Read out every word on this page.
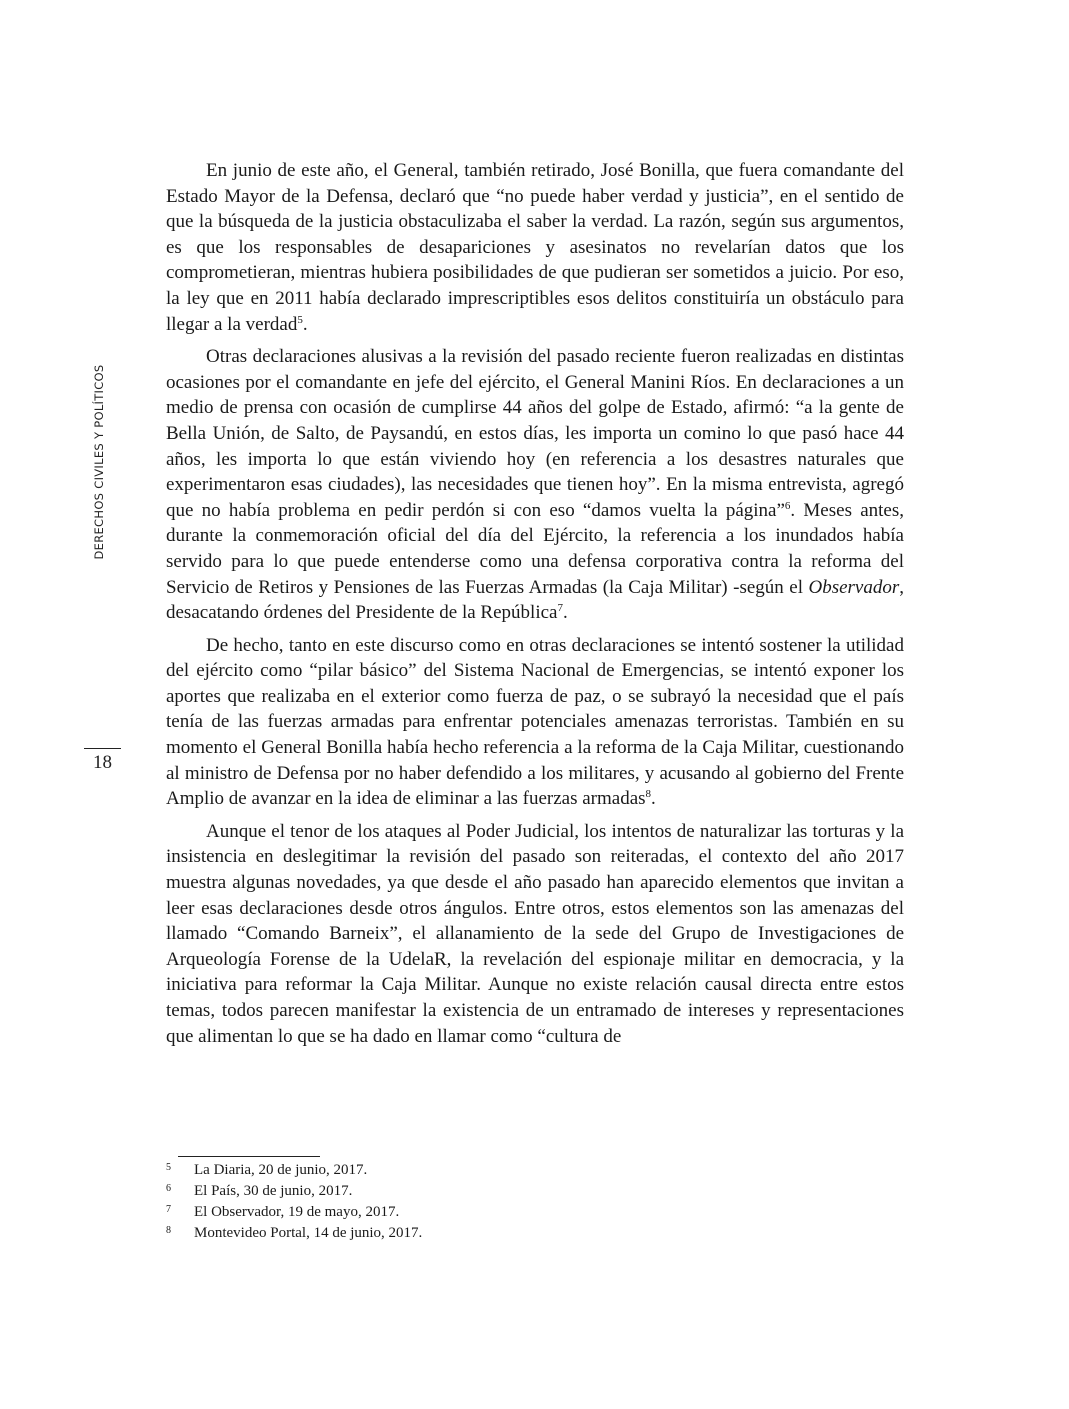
DERECHOS CIVILES Y POLÍTICOS
18

En junio de este año, el General, también retirado, José Bonilla, que fuera comandante del Estado Mayor de la Defensa, declaró que “no puede haber verdad y justicia”, en el sentido de que la búsqueda de la justicia obstaculizaba el saber la verdad. La razón, según sus argumentos, es que los responsables de desapariciones y asesinatos no revelarían datos que los comprometieran, mientras hubiera posibilidades de que pudieran ser sometidos a juicio. Por eso, la ley que en 2011 había declarado imprescriptibles esos delitos constituiría un obstáculo para llegar a la verdad$^5$.

Otras declaraciones alusivas a la revisión del pasado reciente fueron realizadas en distintas ocasiones por el comandante en jefe del ejército, el General Manini Ríos. En declaraciones a un medio de prensa con ocasión de cumplirse 44 años del golpe de Estado, afirmó: “a la gente de Bella Unión, de Salto, de Paysandú, en estos días, les importa un comino lo que pasó hace 44 años, les importa lo que están viviendo hoy (en referencia a los desastres naturales que experimentaron esas ciudades), las necesidades que tienen hoy”. En la misma entrevista, agregó que no había problema en pedir perdón si con eso “damos vuelta la página”$^6$. Meses antes, durante la conmemoración oficial del día del Ejército, la referencia a los inundados había servido para lo que puede entenderse como una defensa corporativa contra la reforma del Servicio de Retiros y Pensiones de las Fuerzas Armadas (la Caja Militar) -según el Observador, desacatando órdenes del Presidente de la República$^7$.

De hecho, tanto en este discurso como en otras declaraciones se intentó sostener la utilidad del ejército como “pilar básico” del Sistema Nacional de Emergencias, se intentó exponer los aportes que realizaba en el exterior como fuerza de paz, o se subrayó la necesidad que el país tenía de las fuerzas armadas para enfrentar potenciales amenazas terroristas. También en su momento el General Bonilla había hecho referencia a la reforma de la Caja Militar, cuestionando al ministro de Defensa por no haber defendido a los militares, y acusando al gobierno del Frente Amplio de avanzar en la idea de eliminar a las fuerzas armadas$^8$.

Aunque el tenor de los ataques al Poder Judicial, los intentos de naturalizar las torturas y la insistencia en deslegitimar la revisión del pasado son reiteradas, el contexto del año 2017 muestra algunas novedades, ya que desde el año pasado han aparecido elementos que invitan a leer esas declaraciones desde otros ángulos. Entre otros, estos elementos son las amenazas del llamado “Comando Barneix”, el allanamiento de la sede del Grupo de Investigaciones de Arqueología Forense de la UdelaR, la revelación del espionaje militar en democracia, y la iniciativa para reformar la Caja Militar. Aunque no existe relación causal directa entre estos temas, todos parecen manifestar la existencia de un entramado de intereses y representaciones que alimentan lo que se ha dado en llamar como “cultura de

5 La Diaria, 20 de junio, 2017.
6 El País, 30 de junio, 2017.
7 El Observador, 19 de mayo, 2017.
8 Montevideo Portal, 14 de junio, 2017.
